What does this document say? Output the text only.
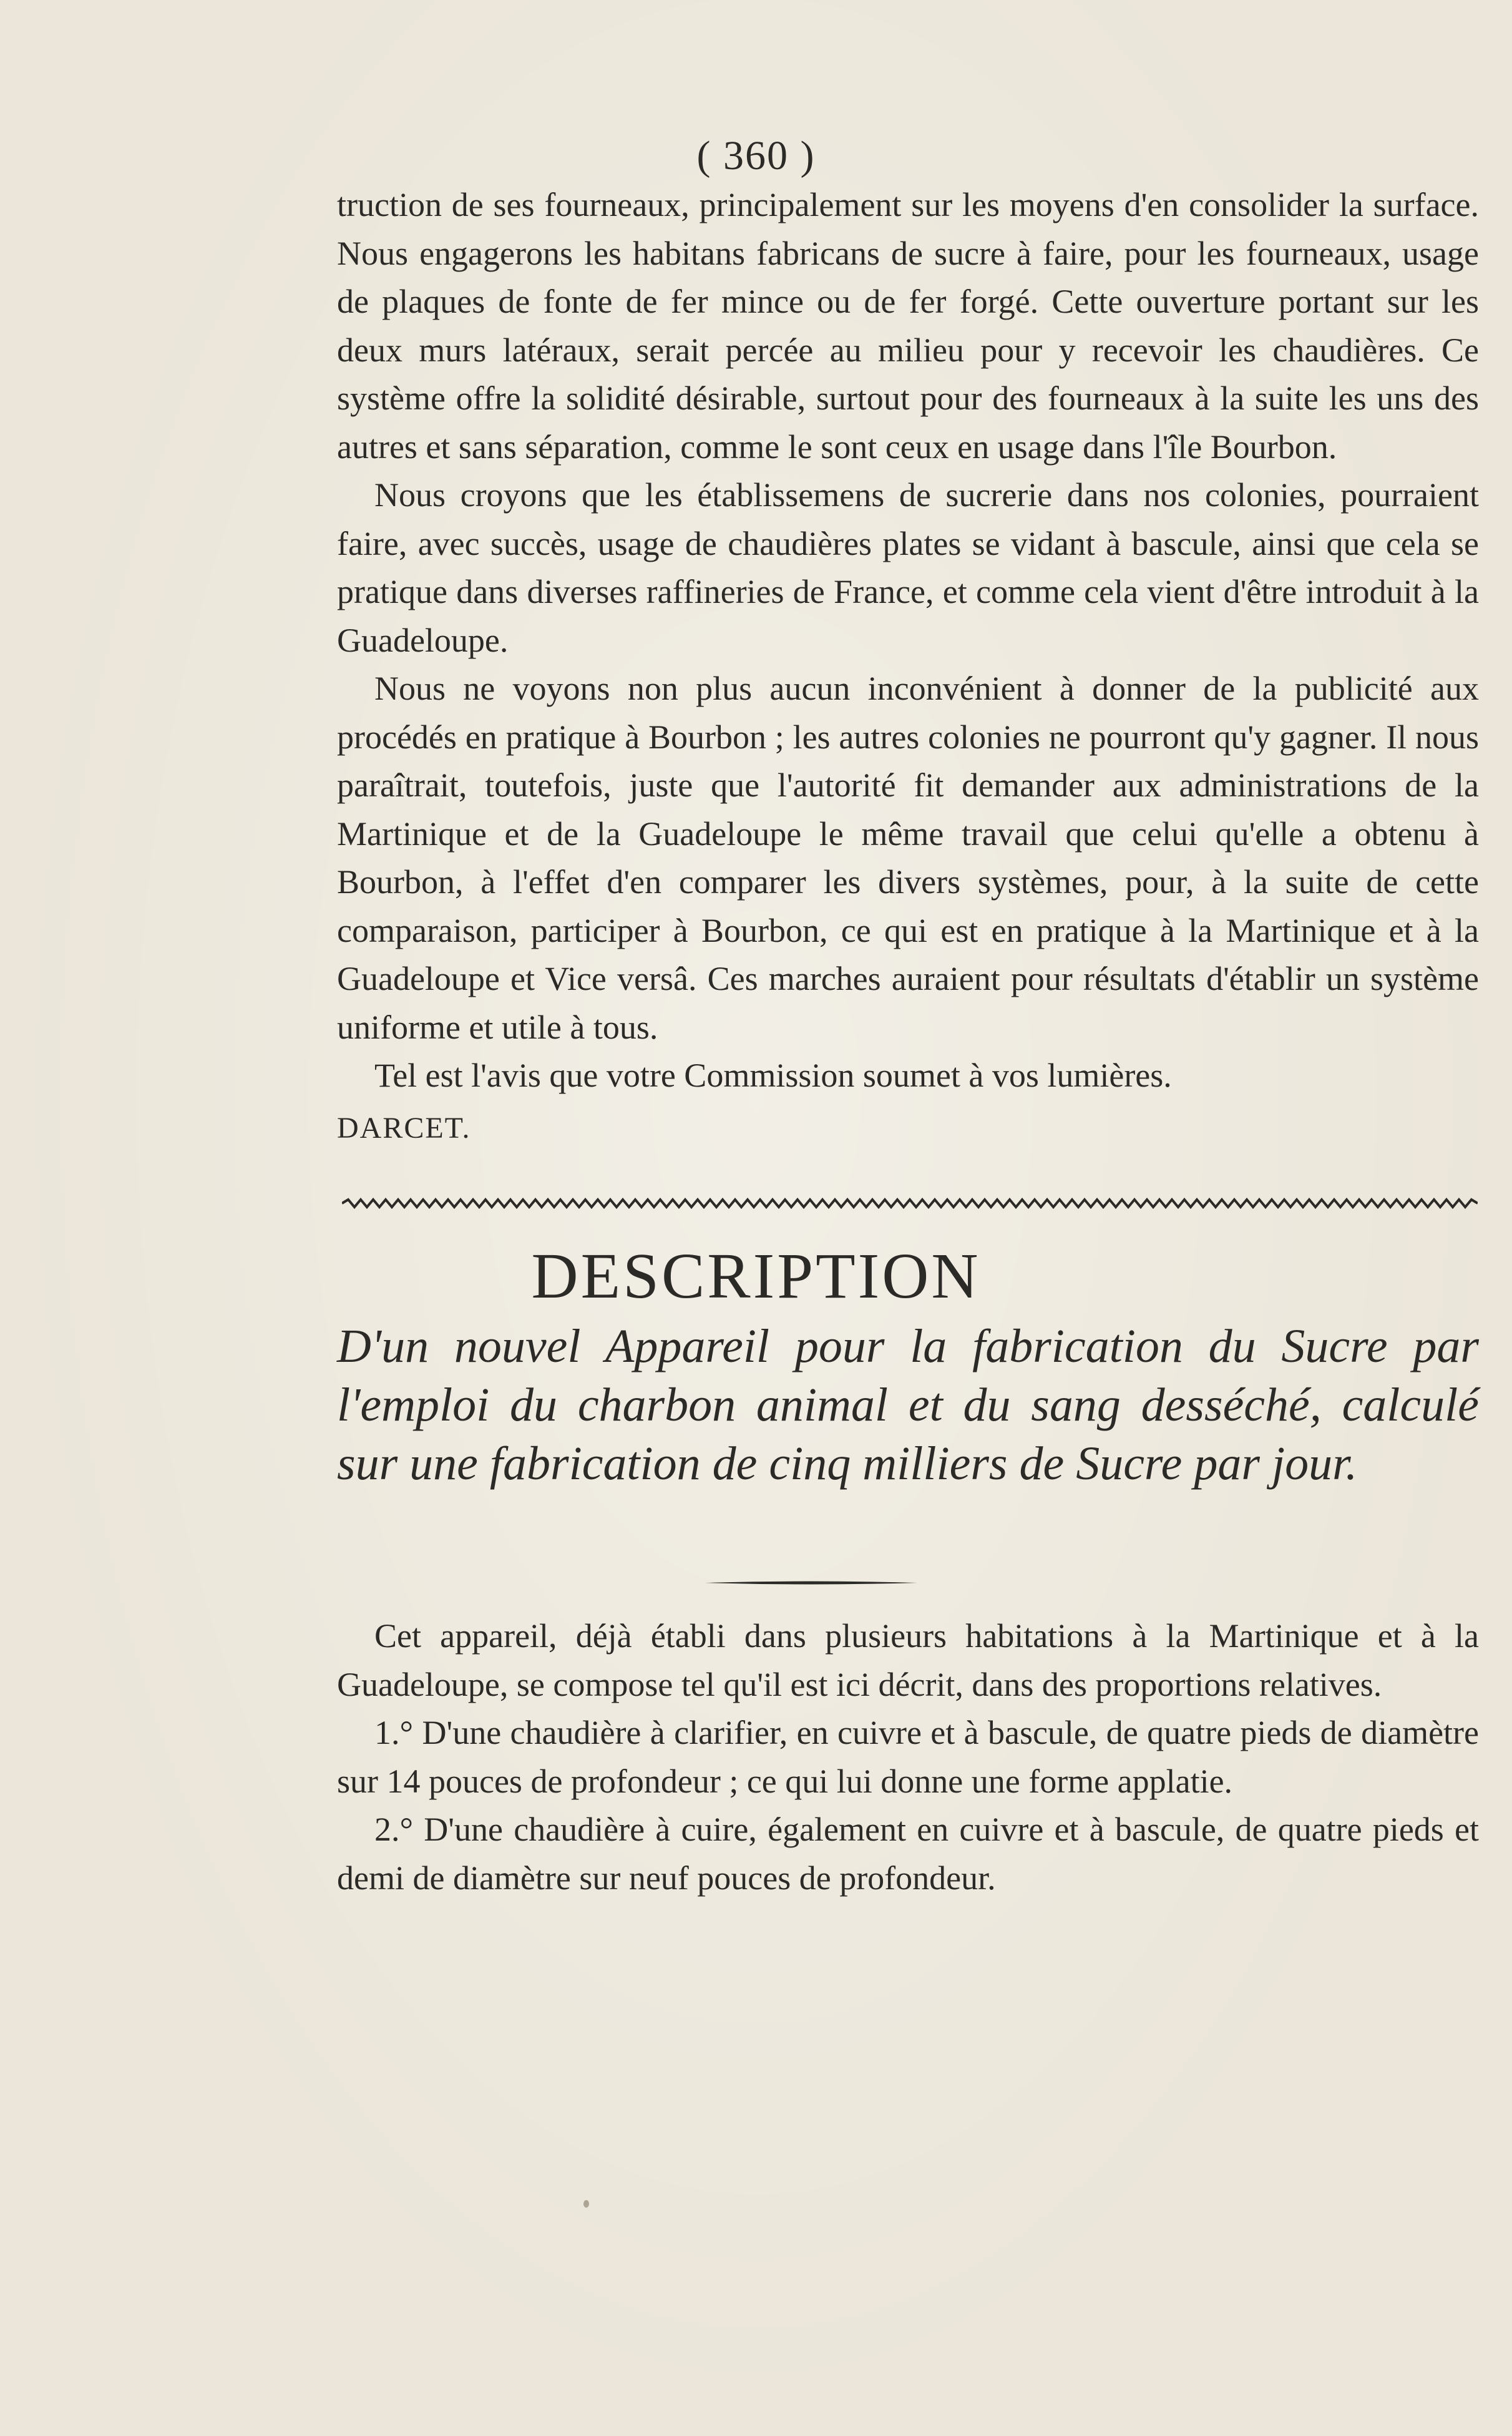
( 360 )

truction de ses fourneaux, principalement sur les moyens d'en consolider la surface. Nous engagerons les habitans fabricans de sucre à faire, pour les fourneaux, usage de plaques de fonte de fer mince ou de fer forgé. Cette ouverture portant sur les deux murs latéraux, serait percée au milieu pour y recevoir les chaudières. Ce système offre la solidité désirable, surtout pour des fourneaux à la suite les uns des autres et sans séparation, comme le sont ceux en usage dans l'île Bourbon.

Nous croyons que les établissemens de sucrerie dans nos colonies, pourraient faire, avec succès, usage de chaudières plates se vidant à bascule, ainsi que cela se pratique dans diverses raffineries de France, et comme cela vient d'être introduit à la Guadeloupe.

Nous ne voyons non plus aucun inconvénient à donner de la publicité aux procédés en pratique à Bourbon ; les autres colonies ne pourront qu'y gagner. Il nous paraîtrait, toutefois, juste que l'autorité fit demander aux administrations de la Martinique et de la Guadeloupe le même travail que celui qu'elle a obtenu à Bourbon, à l'effet d'en comparer les divers systèmes, pour, à la suite de cette comparaison, participer à Bourbon, ce qui est en pratique à la Martinique et à la Guadeloupe et Vice versâ. Ces marches auraient pour résultats d'établir un système uniforme et utile à tous.

Tel est l'avis que votre Commission soumet à vos lumières.

DARCET.

DESCRIPTION

D'un nouvel Appareil pour la fabrication du Sucre par l'emploi du charbon animal et du sang desséché, calculé sur une fabrication de cinq milliers de Sucre par jour.

Cet appareil, déjà établi dans plusieurs habitations à la Martinique et à la Guadeloupe, se compose tel qu'il est ici décrit, dans des proportions relatives.

1.° D'une chaudière à clarifier, en cuivre et à bascule, de quatre pieds de diamètre sur 14 pouces de profondeur ; ce qui lui donne une forme applatie.

2.° D'une chaudière à cuire, également en cuivre et à bascule, de quatre pieds et demi de diamètre sur neuf pouces de profondeur.
